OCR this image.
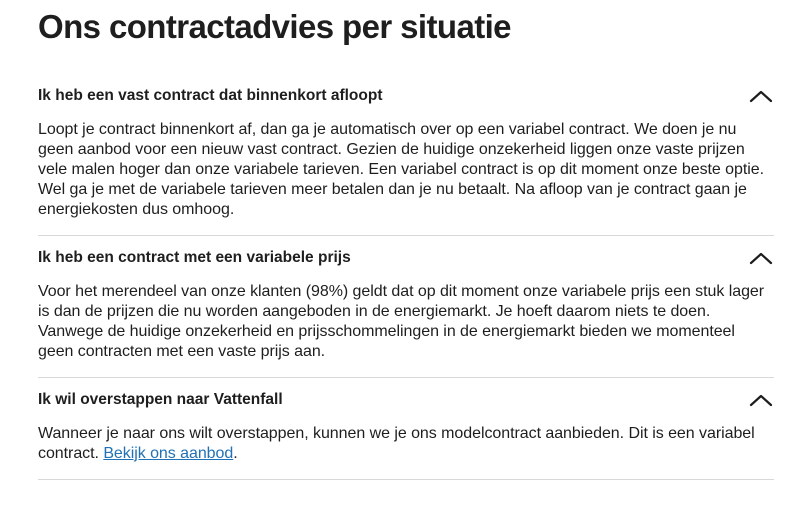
Ons contractadvies per situatie
Ik heb een vast contract dat binnenkort afloopt
Loopt je contract binnenkort af, dan ga je automatisch over op een variabel contract. We doen je nu geen aanbod voor een nieuw vast contract. Gezien de huidige onzekerheid liggen onze vaste prijzen vele malen hoger dan onze variabele tarieven. Een variabel contract is op dit moment onze beste optie. Wel ga je met de variabele tarieven meer betalen dan je nu betaalt. Na afloop van je contract gaan je energiekosten dus omhoog.
Ik heb een contract met een variabele prijs
Voor het merendeel van onze klanten (98%) geldt dat op dit moment onze variabele prijs een stuk lager is dan de prijzen die nu worden aangeboden in de energiemarkt. Je hoeft daarom niets te doen. Vanwege de huidige onzekerheid en prijsschommelingen in de energiemarkt bieden we momenteel geen contracten met een vaste prijs aan.
Ik wil overstappen naar Vattenfall
Wanneer je naar ons wilt overstappen, kunnen we je ons modelcontract aanbieden. Dit is een variabel contract. Bekijk ons aanbod.
